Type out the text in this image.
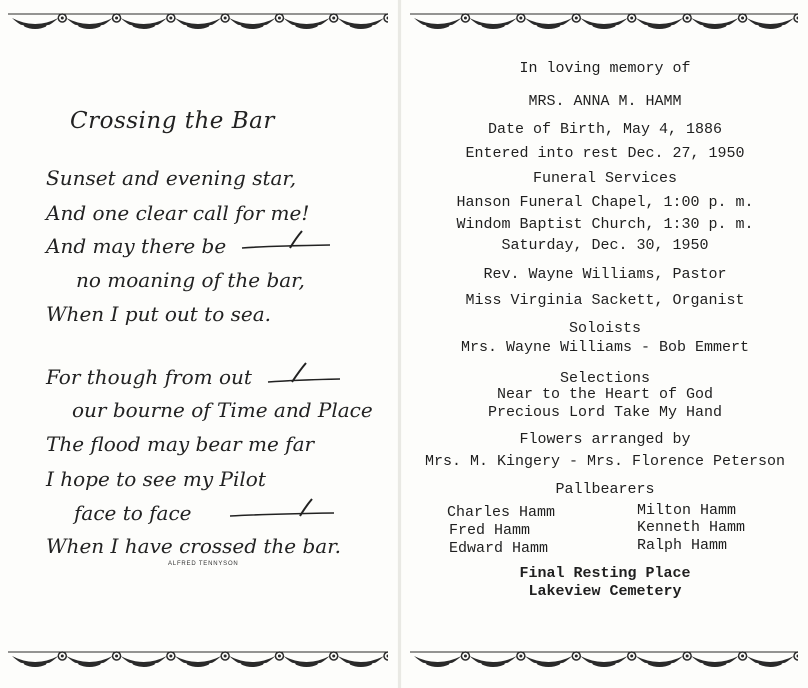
Crossing the Bar
Sunset and evening star,
And one clear call for me!
And may there be
no moaning of the bar,
When I put out to sea.
For though from out
our bourne of Time and Place
The flood may bear me far
I hope to see my Pilot
face to face
When I have crossed the bar.
ALFRED TENNYSON
In loving memory of
MRS. ANNA M. HAMM
Date of Birth, May 4, 1886
Entered into rest Dec. 27, 1950
Funeral Services
Hanson Funeral Chapel, 1:00 p. m.
Windom Baptist Church, 1:30 p. m.
Saturday, Dec. 30, 1950
Rev. Wayne Williams, Pastor
Miss Virginia Sackett, Organist
Soloists
Mrs. Wayne Williams - Bob Emmert
Selections
Near to the Heart of God
Precious Lord Take My Hand
Flowers arranged by
Mrs. M. Kingery - Mrs. Florence Peterson
Pallbearers
Charles Hamm
Fred Hamm
Edward Hamm
Milton Hamm
Kenneth Hamm
Ralph Hamm
Final Resting Place
Lakeview Cemetery
